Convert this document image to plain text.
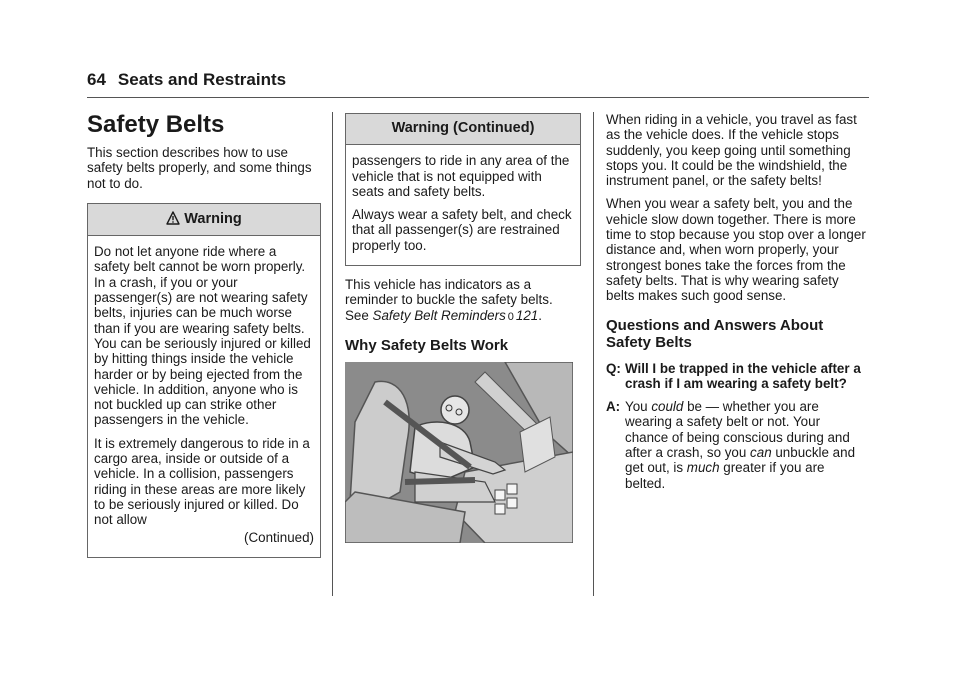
64 Seats and Restraints
Safety Belts

This section describes how to use safety belts properly, and some things not to do.

Warning

Do not let anyone ride where a safety belt cannot be worn properly. In a crash, if you or your passenger(s) are not wearing safety belts, injuries can be much worse than if you are wearing safety belts. You can be seriously injured or killed by hitting things inside the vehicle harder or by being ejected from the vehicle. In addition, anyone who is not buckled up can strike other passengers in the vehicle.

It is extremely dangerous to ride in a cargo area, inside or outside of a vehicle. In a collision, passengers riding in these areas are more likely to be seriously injured or killed. Do not allow

(Continued)

Warning (Continued)

passengers to ride in any area of the vehicle that is not equipped with seats and safety belts.

Always wear a safety belt, and check that all passenger(s) are restrained properly too.

This vehicle has indicators as a reminder to buckle the safety belts.
See Safety Belt Reminders 0 121.

Why Safety Belts Work

When riding in a vehicle, you travel as fast as the vehicle does. If the vehicle stops suddenly, you keep going until something stops you. It could be the windshield, the instrument panel, or the safety belts!

When you wear a safety belt, you and the vehicle slow down together. There is more time to stop because you stop over a longer distance and, when worn properly, your strongest bones take the forces from the safety belts. That is why wearing safety belts makes such good sense.

Questions and Answers About Safety Belts
Q: Will I be trapped in the vehicle after a crash if I am wearing a safety belt?
A: You could be — whether you are wearing a safety belt or not. Your chance of being conscious during and after a crash, so you can unbuckle and get out, is much greater if you are belted.
